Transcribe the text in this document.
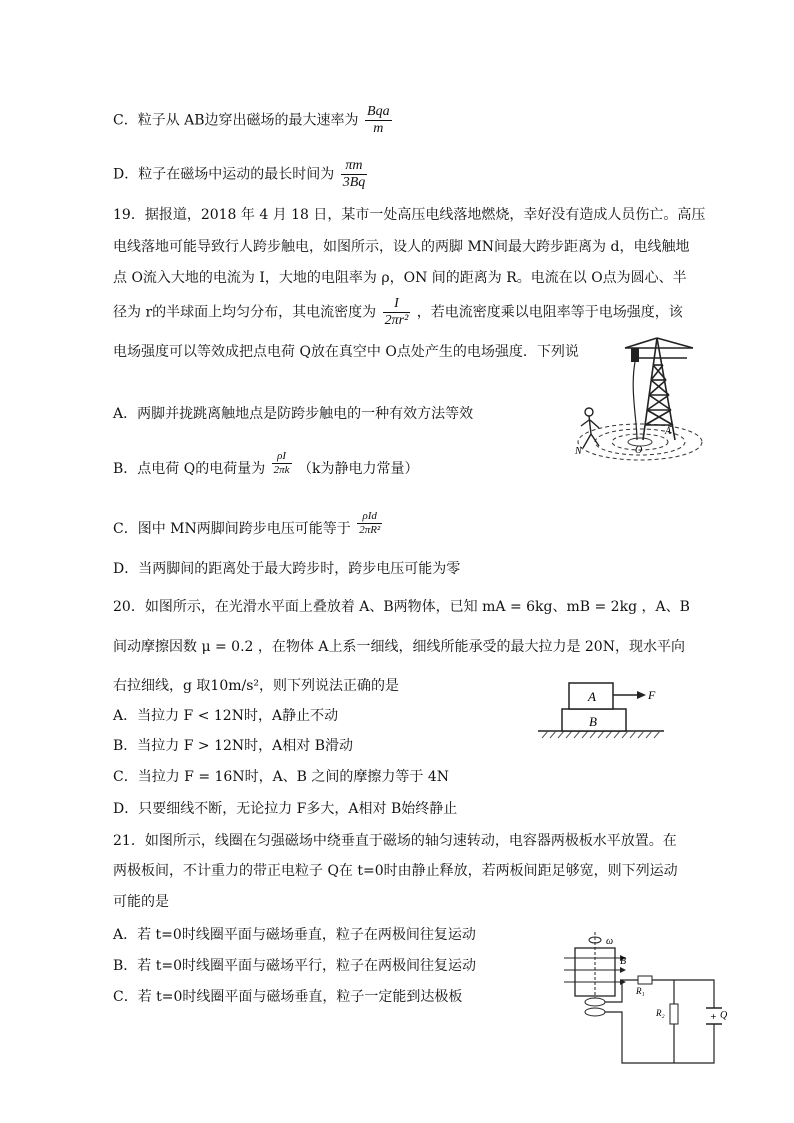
C．粒子从 AB边穿出磁场的最大速率为 $\frac{\text{Bqa}}{m}$
D．粒子在磁场中运动的最长时间为 $\frac{\pi m}{3Bq}$
19．据报道，2018 年 4 月 18 日，某市一处高压电线落地燃烧，幸好没有造成人员伤亡。高压
电线落地可能导致行人跨步触电，如图所示，设人的两脚 MN间最大跨步距离为 d，电线触地
点 O流入大地的电流为 I，大地的电阻率为 ρ，ON 间的距离为 R。电流在以 O点为圆心、半
径为 r的半球面上均匀分布，其电流密度为 $\frac{I}{\text{2πr²}}$ ，若电流密度乘以电阻率等于电场强度，该
电场强度可以等效成把点电荷 Q放在真空中 O点处产生的电场强度．下列说
A．两脚并拢跳离触地点是防跨步触电的一种有效方法等效
B．点电荷 Q的电荷量为 $\frac{\rho I}{2\pi k} (k$为静电力常量）
C．图中 MN两脚间跨步电压可能等于 $\frac{\text{ρId}}{\text{2πR²}}$
D．当两脚间的距离处于最大跨步时，跨步电压可能为零
N	O
A
20．如图所示，在光滑水平面上叠放着 A、B两物体，已知 mA = 6kg、mB = 2kg ，A、B
间动摩擦因数 μ = 0.2 ，在物体 A上系一细线，细线所能承受的最大拉力是 20N，现水平向
右拉细线，g 取10m/s²，则下列说法正确的是
A．当拉力 F < 12N时，A静止不动
B．当拉力 F > 12N时，A相对 B滑动
C．当拉力 F = 16N时，A、B 之间的摩擦力等于 4N
D．只要细线不断，无论拉力 F多大，A相对 B始终静止
A
B
F
21．如图所示，线圈在匀强磁场中绕垂直于磁场的轴匀速转动，电容器两极板水平放置。在
两极板间，不计重力的带正电粒子 Q在 t=0时由静止释放，若两板间距足够宽，则下列运动
可能的是
A．若 t=0时线圈平面与磁场垂直，粒子在两极间往复运动
B．若 t=0时线圈平面与磁场平行，粒子在两极间往复运动
C．若 t=0时线圈平面与磁场垂直，粒子一定能到达极板
ω
B
+
R₁
R₂	Q
